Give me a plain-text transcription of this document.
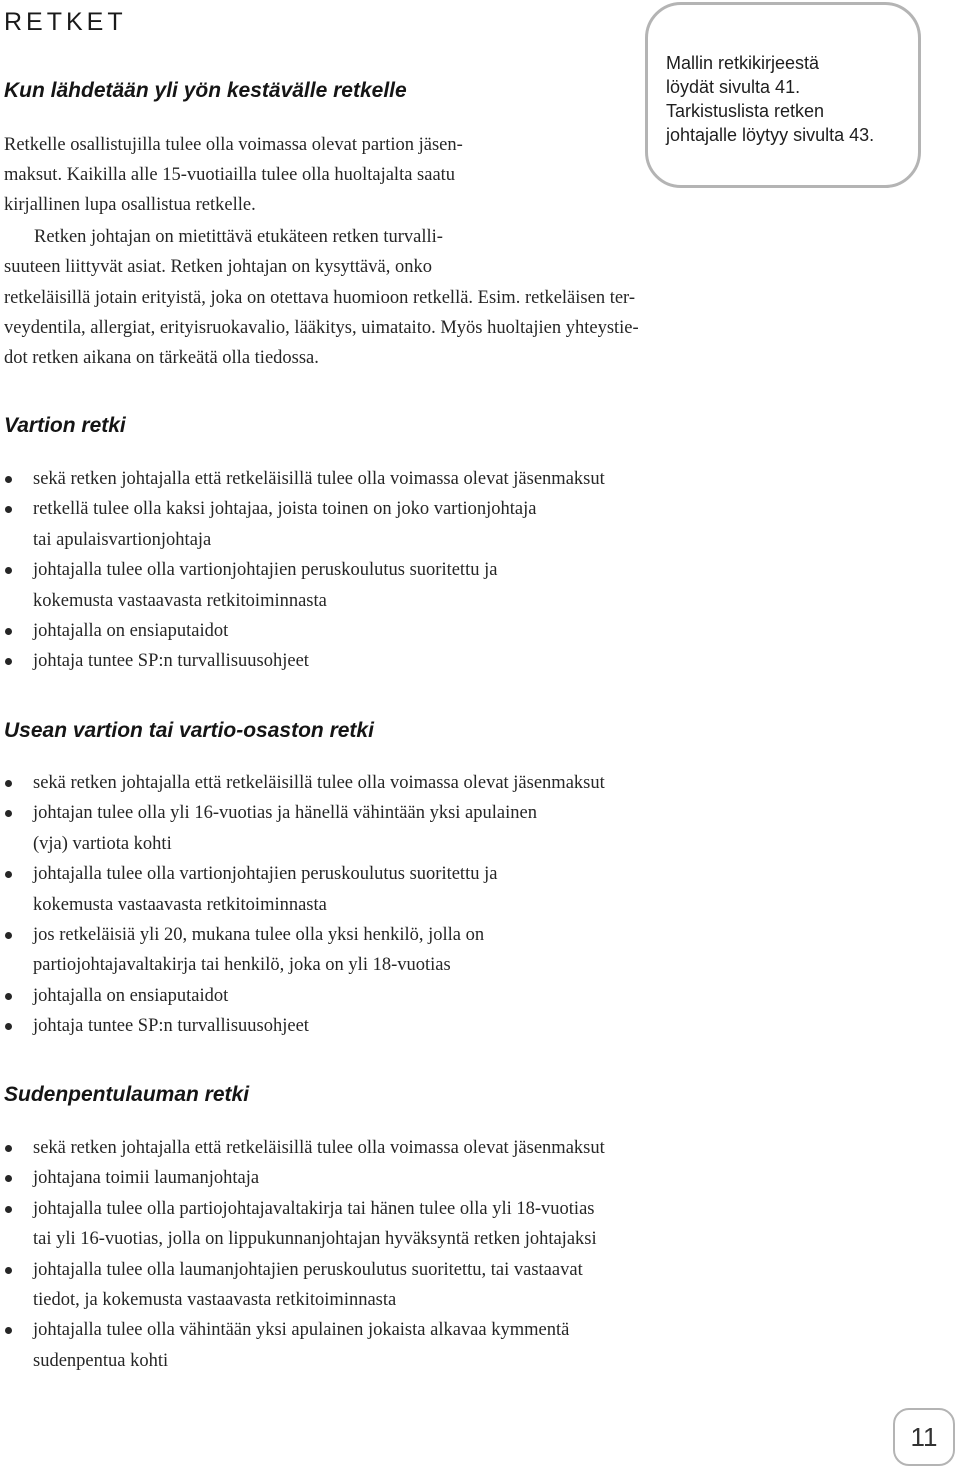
RETKET
Mallin retkikirjeestä
löydät sivulta 41.
Tarkistuslista retken
johtajalle löytyy sivulta 43.
Kun lähdetään yli yön kestävälle retkelle
Retkelle osallistujilla tulee olla voimassa olevat partion jäsen-
maksut. Kaikilla alle 15-vuotiailla tulee olla huoltajalta saatu
kirjallinen lupa osallistua retkelle.
Retken johtajan on mietittävä etukäteen retken turvalli-
suuteen liittyvät asiat. Retken johtajan on kysyttävä, onko
retkeläisillä jotain erityistä, joka on otettava huomioon retkellä. Esim. retkeläisen ter-
veydentila, allergiat, erityisruokavalio, lääkitys, uimataito. Myös huoltajien yhteystie-
dot retken aikana on tärkeätä olla tiedossa.
Vartion retki
sekä retken johtajalla että retkeläisillä tulee olla voimassa olevat jäsenmaksut
retkellä tulee olla kaksi johtajaa, joista toinen on joko vartionjohtaja
tai apulaisvartionjohtaja
johtajalla tulee olla vartionjohtajien peruskoulutus suoritettu ja
kokemusta vastaavasta retkitoiminnasta
johtajalla on ensiaputaidot
johtaja tuntee SP:n turvallisuusohjeet
Usean vartion tai vartio-osaston retki
sekä retken johtajalla että retkeläisillä tulee olla voimassa olevat jäsenmaksut
johtajan tulee olla yli 16-vuotias ja hänellä vähintään yksi apulainen
(vja) vartiota kohti
johtajalla tulee olla vartionjohtajien peruskoulutus suoritettu ja
kokemusta vastaavasta retkitoiminnasta
jos retkeläisiä yli 20, mukana tulee olla yksi henkilö, jolla on
partiojohtajavaltakirja tai henkilö, joka on yli 18-vuotias
johtajalla on ensiaputaidot
johtaja tuntee SP:n turvallisuusohjeet
Sudenpentulauman retki
sekä retken johtajalla että retkeläisillä tulee olla voimassa olevat jäsenmaksut
johtajana toimii laumanjohtaja
johtajalla tulee olla partiojohtajavaltakirja tai hänen tulee olla yli 18-vuotias
tai yli 16-vuotias, jolla on lippukunnanjohtajan hyväksyntä retken johtajaksi
johtajalla tulee olla laumanjohtajien peruskoulutus suoritettu, tai vastaavat
tiedot, ja kokemusta vastaavasta retkitoiminnasta
johtajalla tulee olla vähintään yksi apulainen jokaista alkavaa kymmentä
sudenpentua kohti
11
